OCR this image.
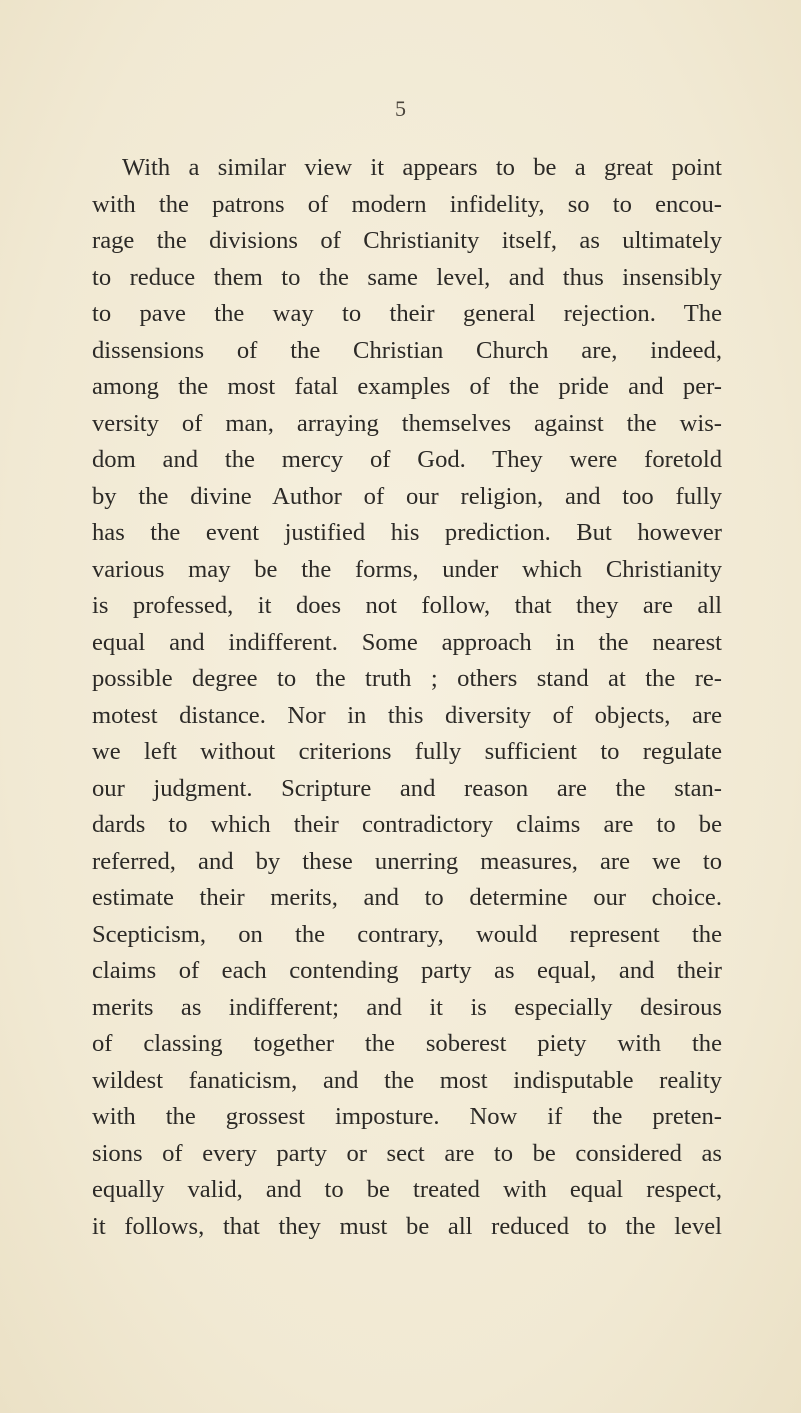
5
With a similar view it appears to be a great point
with the patrons of modern infidelity, so to encou-
rage the divisions of Christianity itself, as ultimately
to reduce them to the same level, and thus insensibly
to pave the way to their general rejection. The
dissensions of the Christian Church are, indeed,
among the most fatal examples of the pride and per-
versity of man, arraying themselves against the wis-
dom and the mercy of God. They were foretold
by the divine Author of our religion, and too fully
has the event justified his prediction. But however
various may be the forms, under which Christianity
is professed, it does not follow, that they are all
equal and indifferent. Some approach in the nearest
possible degree to the truth ; others stand at the re-
motest distance. Nor in this diversity of objects, are
we left without criterions fully sufficient to regulate
our judgment. Scripture and reason are the stan-
dards to which their contradictory claims are to be
referred, and by these unerring measures, are we to
estimate their merits, and to determine our choice.
Scepticism, on the contrary, would represent the
claims of each contending party as equal, and their
merits as indifferent; and it is especially desirous
of classing together the soberest piety with the
wildest fanaticism, and the most indisputable reality
with the grossest imposture. Now if the preten-
sions of every party or sect are to be considered as
equally valid, and to be treated with equal respect,
it follows, that they must be all reduced to the level
